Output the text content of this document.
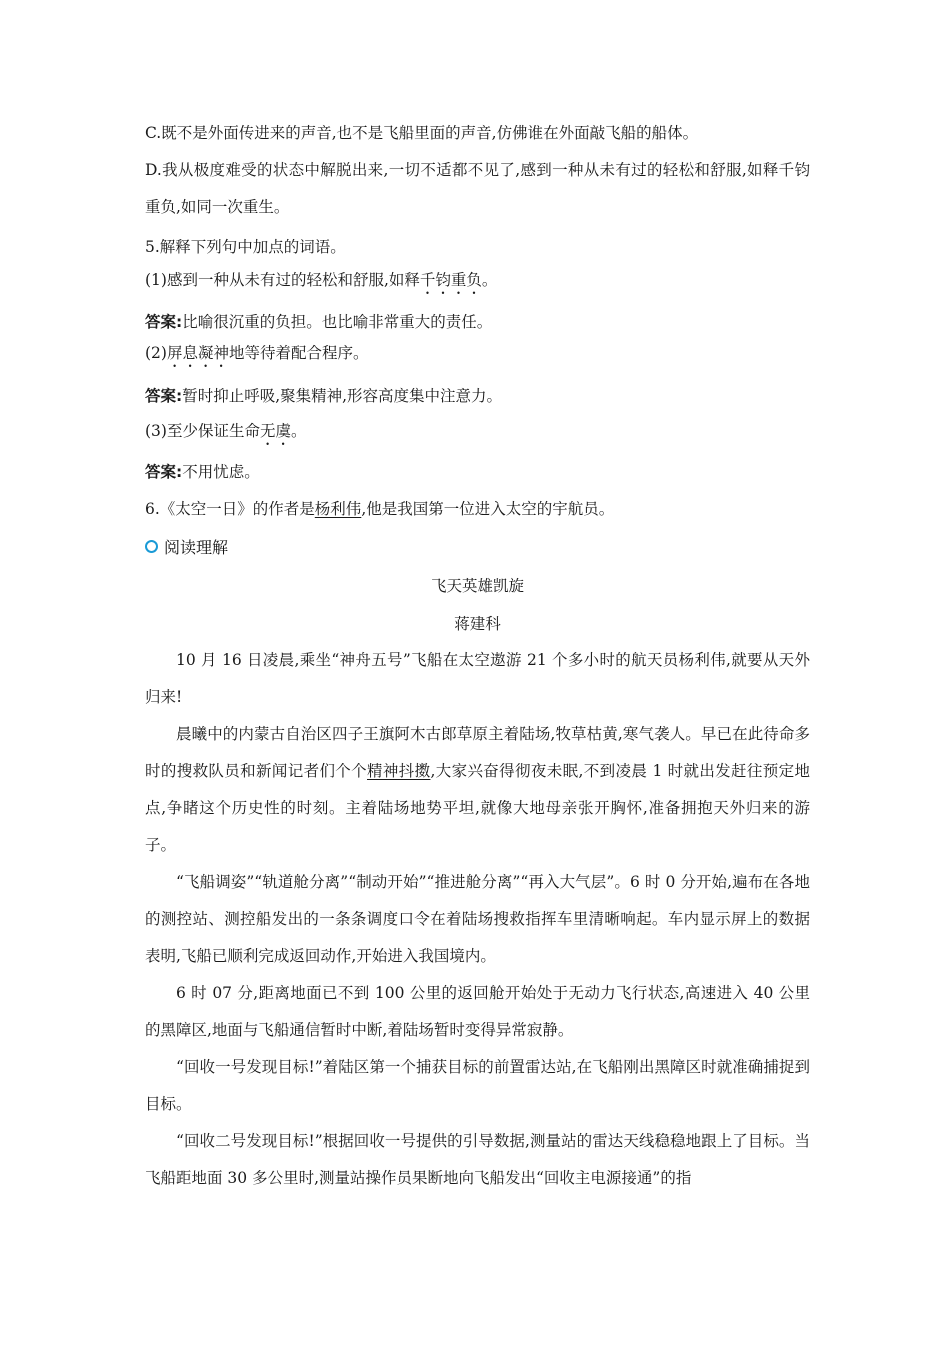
C.既不是外面传进来的声音,也不是飞船里面的声音,仿佛谁在外面敲飞船的船体。
D.我从极度难受的状态中解脱出来,一切不适都不见了,感到一种从未有过的轻松和舒服,如释千钧重负,如同一次重生。
5.解释下列句中加点的词语。
(1)感到一种从未有过的轻松和舒服,如释千钧重负。
答案:比喻很沉重的负担。也比喻非常重大的责任。
(2)屏息凝神地等待着配合程序。
答案:暂时抑止呼吸,聚集精神,形容高度集中注意力。
(3)至少保证生命无虞。
答案:不用忧虑。
6.《太空一日》的作者是杨利伟,他是我国第一位进入太空的宇航员。
阅读理解
飞天英雄凯旋
蒋建科
10 月 16 日凌晨,乘坐“神舟五号”飞船在太空遨游 21 个多小时的航天员杨利伟,就要从天外归来!
晨曦中的内蒙古自治区四子王旗阿木古郎草原主着陆场,牧草枯黄,寒气袭人。早已在此待命多时的搜救队员和新闻记者们个个精神抖擞,大家兴奋得彻夜未眠,不到凌晨 1 时就出发赶往预定地点,争睹这个历史性的时刻。主着陆场地势平坦,就像大地母亲张开胸怀,准备拥抱天外归来的游子。
“飞船调姿”“轨道舱分离”“制动开始”“推进舱分离”“再入大气层”。6 时 0 分开始,遍布在各地的测控站、测控船发出的一条条调度口令在着陆场搜救指挥车里清晰响起。车内显示屏上的数据表明,飞船已顺利完成返回动作,开始进入我国境内。
6 时 07 分,距离地面已不到 100 公里的返回舱开始处于无动力飞行状态,高速进入 40 公里的黑障区,地面与飞船通信暂时中断,着陆场暂时变得异常寂静。
“回收一号发现目标!”着陆区第一个捕获目标的前置雷达站,在飞船刚出黑障区时就准确捕捉到目标。
“回收二号发现目标!”根据回收一号提供的引导数据,测量站的雷达天线稳稳地跟上了目标。当飞船距地面 30 多公里时,测量站操作员果断地向飞船发出“回收主电源接通”的指
